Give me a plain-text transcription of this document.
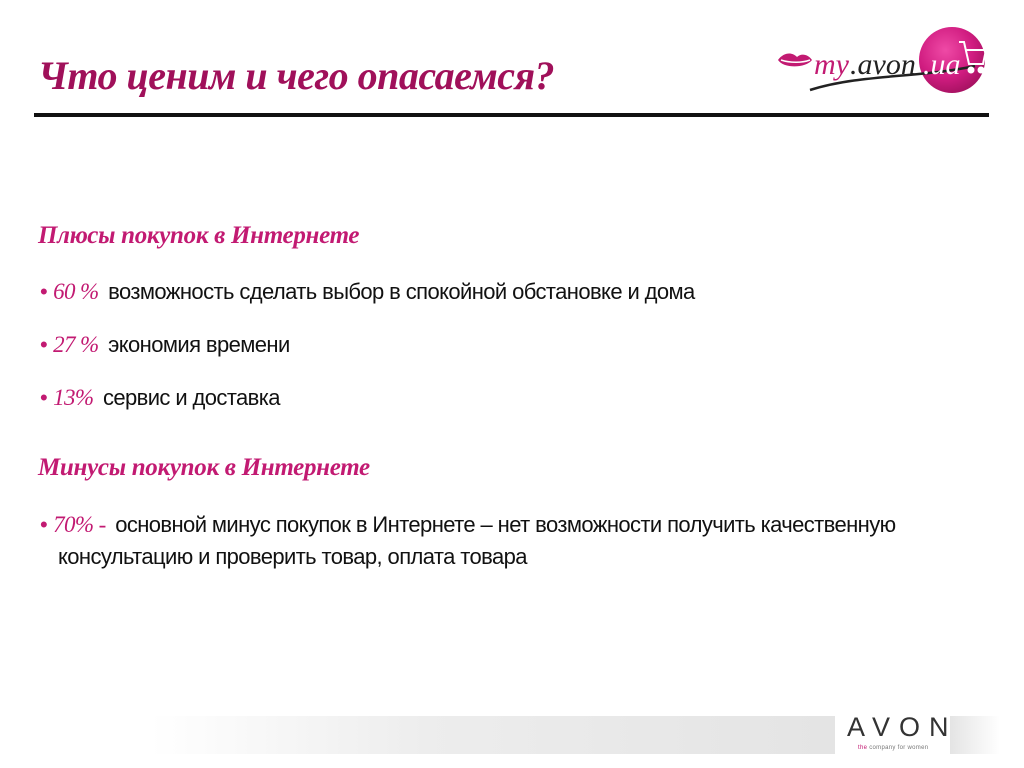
Что ценим и чего опасаемся?	my .avon .ua
Плюсы покупок в Интернете
• 60 % возможность сделать выбор в спокойной обстановке и дома
• 27 % экономия времени
• 13% сервис и доставка
Минусы покупок в Интернете
• 70% - основной минус покупок в Интернете – нет возможности получить качественную консультацию и проверить товар, оплата товара
AVON
the company for women
